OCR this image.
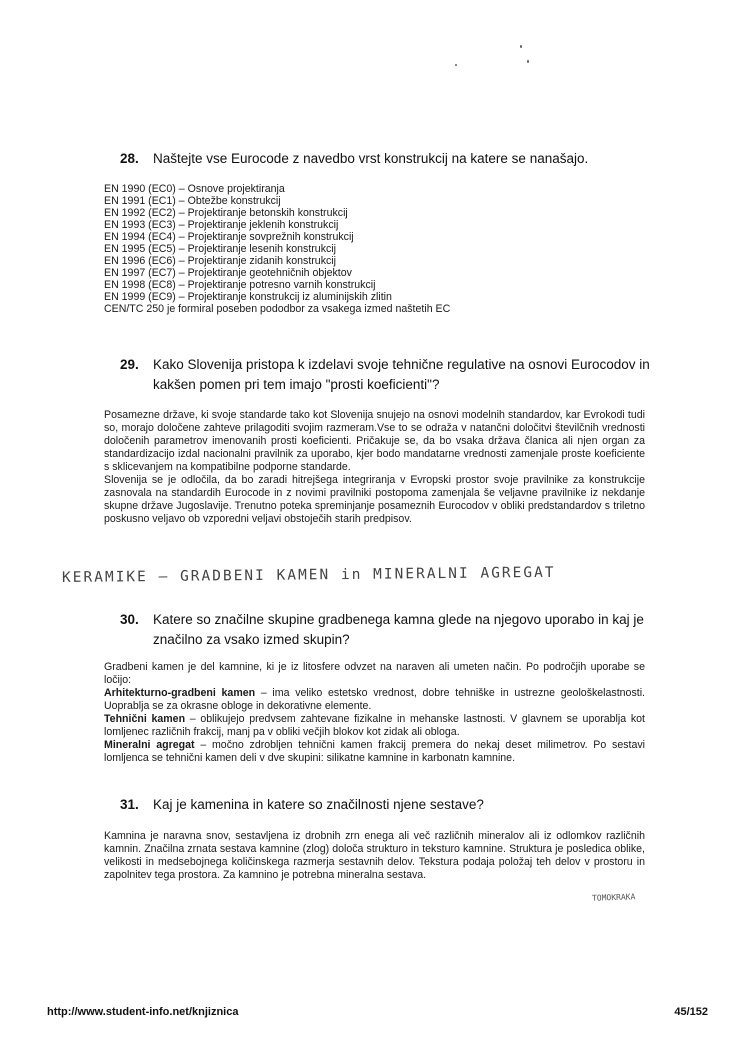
28.	Naštejte vse Eurocode z navedbo vrst konstrukcij na katere se nanašajo.
EN 1990 (EC0) – Osnove projektiranja
EN 1991 (EC1) – Obtežbe konstrukcij
EN 1992 (EC2) – Projektiranje betonskih konstrukcij
EN 1993 (EC3) – Projektiranje jeklenih konstrukcij
EN 1994 (EC4) – Projektiranje sovprežnih konstrukcij
EN 1995 (EC5) – Projektiranje lesenih konstrukcij
EN 1996 (EC6) – Projektiranje zidanih konstrukcij
EN 1997 (EC7) – Projektiranje geotehničnih objektov
EN 1998 (EC8) – Projektiranje potresno varnih konstrukcij
EN 1999 (EC9) – Projektiranje konstrukcij iz aluminijskih zlitin
CEN/TC 250 je formiral poseben pododbor za vsakega izmed naštetih EC
29.	Kako Slovenija pristopa k izdelavi svoje tehnične regulative na osnovi Eurocodov in kakšen pomen pri tem imajo "prosti koeficienti"?

Posamezne države, ki svoje standarde tako kot Slovenija snujejo na osnovi modelnih standardov, kar Evrokodi tudi so, morajo določene zahteve prilagoditi svojim razmeram.Vse to se odraža v natančni določitvi številčnih vrednosti določenih parametrov imenovanih prosti koeficienti. Pričakuje se, da bo vsaka država članica ali njen organ za standardizacijo izdal nacionalni pravilnik za uporabo, kjer bodo mandatarne vrednosti zamenjale proste koeficiente s sklicevanjem na kompatibilne podporne standarde.

Slovenija se je odločila, da bo zaradi hitrejšega integriranja v Evropski prostor svoje pravilnike za konstrukcije zasnovala na standardih Eurocode in z novimi pravilniki postopoma zamenjala še veljavne pravilnike iz nekdanje skupne države Jugoslavije. Trenutno poteka spreminjanje posameznih Eurocodov v obliki predstandardov s triletno poskusno veljavo ob vzporedni veljavi obstoječih starih predpisov.

KERAMIKE – GRADBENI KAMEN in MINERALNI AGREGAT
30.	Katere so značilne skupine gradbenega kamna glede na njegovo uporabo in kaj je značilno za vsako izmed skupin?

Gradbeni kamen je del kamnine, ki je iz litosfere odvzet na naraven ali umeten način. Po področjih uporabe se ločijo:

Arhitekturno-gradbeni kamen – ima veliko estetsko vrednost, dobre tehniške in ustrezne geološkelastnosti. Uoprablja se za okrasne obloge in dekorativne elemente.

Tehnični kamen – oblikujejo predvsem zahtevane fizikalne in mehanske lastnosti. V glavnem se uporablja kot lomljenec različnih frakcij, manj pa v obliki večjih blokov kot zidak ali obloga.

Mineralni agregat – močno zdrobljen tehnični kamen frakcij premera do nekaj deset milimetrov. Po sestavi lomljenca se tehnični kamen deli v dve skupini: silikatne kamnine in karbonatn kamnine.

31.	Kaj je kamenina in katere so značilnosti njene sestave?

Kamnina je naravna snov, sestavljena iz drobnih zrn enega ali več različnih mineralov ali iz odlomkov različnih kamnin. Značilna zrnata sestava kamnine (zlog) določa strukturo in teksturo kamnine. Struktura je posledica oblike, velikosti in medsebojnega količinskega razmerja sestavnih delov. Tekstura podaja položaj teh delov v prostoru in zapolnitev tega prostora. Za kamnino je potrebna mineralna sestava.

TOMOKRAKA
http://www.student-info.net/knjiznica	45/152
